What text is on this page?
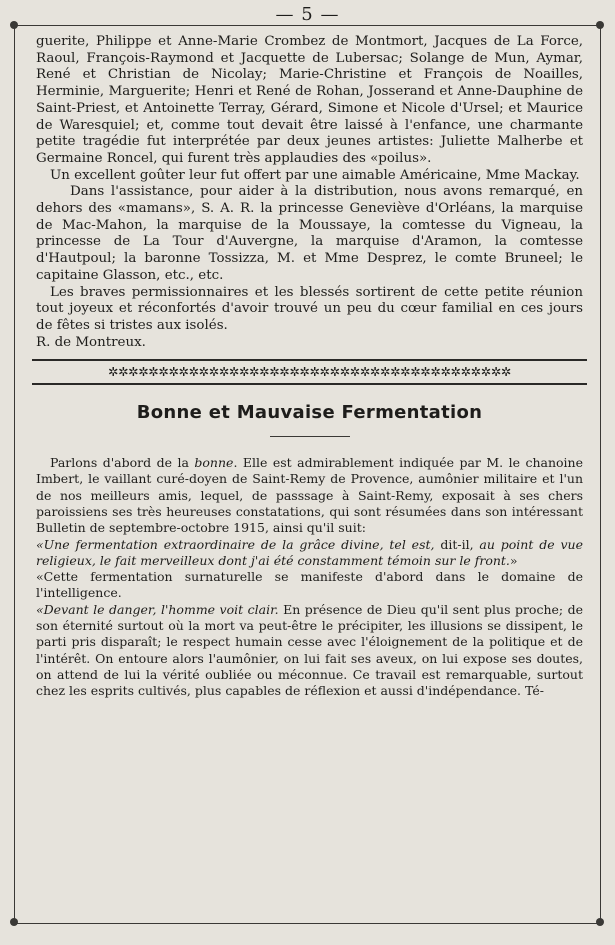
— 5 —

guerite, Philippe et Anne-Marie Crombez de Montmort, Jacques de La Force, Raoul, François-Raymond et Jacquette de Lubersac; Solange de Mun, Aymar, René et Christian de Nicolay; Marie-Christine et François de Noailles, Herminie, Marguerite; Henri et René de Rohan, Josserand et Anne-Dauphine de Saint-Priest, et Antoinette Terray, Gérard, Simone et Nicole d'Ursel; et Maurice de Waresquiel; et, comme tout devait être laissé à l'enfance, une charmante petite tragédie fut interprétée par deux jeunes artistes: Juliette Malherbe et Germaine Roncel, qui furent très applaudies des «poilus».

Un excellent goûter leur fut offert par une aimable Américaine, Mme Mackay.

Dans l'assistance, pour aider à la distribution, nous avons remarqué, en dehors des «mamans», S. A. R. la princesse Geneviève d'Orléans, la marquise de Mac-Mahon, la marquise de la Moussaye, la comtesse du Vigneau, la princesse de La Tour d'Auvergne, la marquise d'Aramon, la comtesse d'Hautpoul; la baronne Tossizza, M. et Mme Desprez, le comte Bruneel; le capitaine Glasson, etc., etc.

Les braves permissionnaires et les blessés sortirent de cette petite réunion tout joyeux et réconfortés d'avoir trouvé un peu du cœur familial en ces jours de fêtes si tristes aux isolés.

R. de Montreux.

✲✲✲✲✲✲✲✲✲✲✲✲✲✲✲✲✲✲✲✲✲✲✲✲✲✲✲✲✲✲✲✲✲✲✲✲✲✲✲✲
Bonne et Mauvaise Fermentation

Parlons d'abord de la bonne. Elle est admirablement indiquée par M. le chanoine Imbert, le vaillant curé-doyen de Saint-Remy de Provence, aumônier militaire et l'un de nos meilleurs amis, lequel, de passsage à Saint-Remy, exposait à ses chers paroissiens ses très heureuses constatations, qui sont résumées dans son intéressant Bulletin de septembre-octobre 1915, ainsi qu'il suit:

«Une fermentation extraordinaire de la grâce divine, tel est, dit-il, au point de vue religieux, le fait merveilleux dont j'ai été constamment témoin sur le front.»

«Cette fermentation surnaturelle se manifeste d'abord dans le domaine de l'intelligence.

«Devant le danger, l'homme voit clair. En présence de Dieu qu'il sent plus proche; de son éternité surtout où la mort va peut-être le précipiter, les illusions se dissipent, le parti pris disparaît; le respect humain cesse avec l'éloignement de la politique et de l'intérêt. On entoure alors l'aumônier, on lui fait ses aveux, on lui expose ses doutes, on attend de lui la vérité oubliée ou méconnue. Ce travail est remarquable, surtout chez les esprits cultivés, plus capables de réflexion et aussi d'indépendance. Té-
